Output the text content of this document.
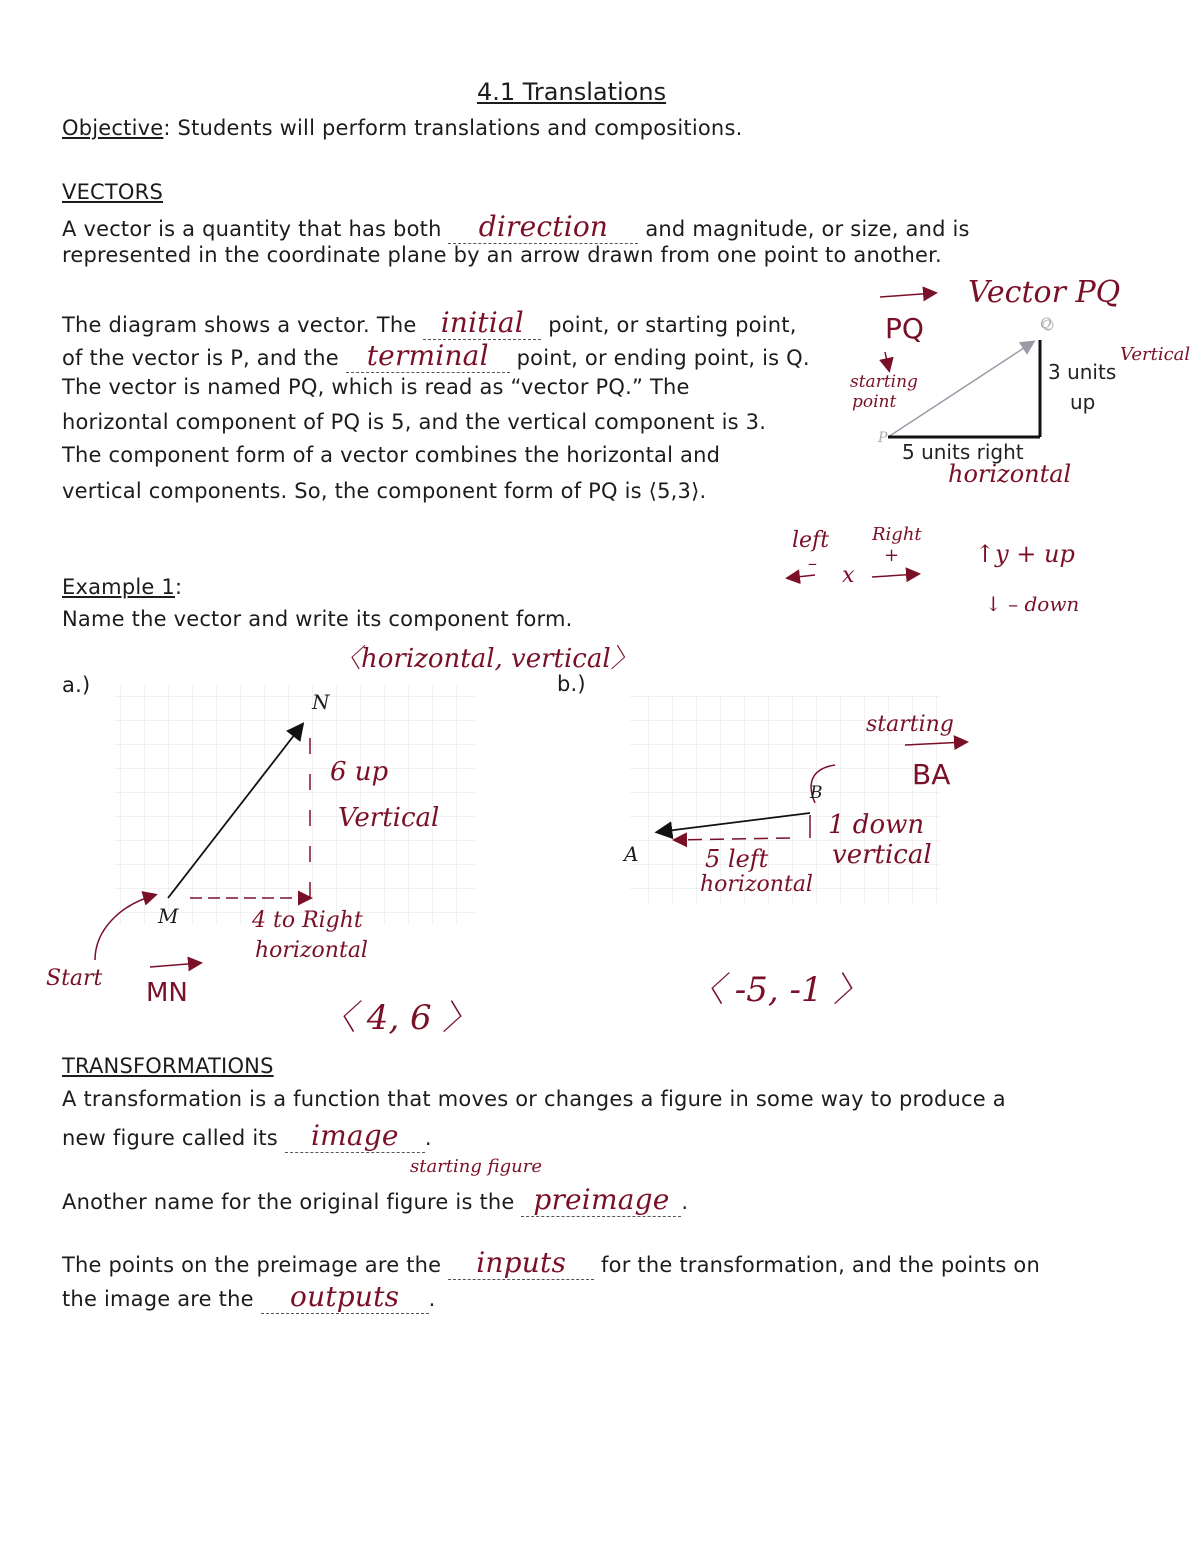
4.1 Translations
Objective: Students will perform translations and compositions.
VECTORS
A vector is a quantity that has both direction and magnitude, or size, and is
represented in the coordinate plane by an arrow drawn from one point to another.
The diagram shows a vector. The initial point, or starting point,
of the vector is P, and the terminal point, or ending point, is Q.
The vector is named PQ, which is read as “vector PQ.” The
horizontal component of PQ is 5, and the vertical component is 3.
The component form of a vector combines the horizontal and
vertical components. So, the component form of PQ is ⟨5,3⟩.
Q
P
3 units
up
5 units right
Vector PQ
PQ
starting
point
Vertical
horizontal
left Right
–	+
x
↑y + up
↓ – down
Example 1:
Name the vector and write its component form.
〈horizontal, vertical〉
a.)	b.)
N
M
6 up
Vertical
4 to Right
horizontal
Start MN
〈 4, 6 〉
A
B
starting
BA
1 down
vertical
5 left
horizontal
〈 -5, -1 〉
TRANSFORMATIONS
A transformation is a function that moves or changes a figure in some way to produce a
new figure called its image .
starting figure
Another name for the original figure is the preimage .
The points on the preimage are the inputs for the transformation, and the points on
the image are the outputs .
